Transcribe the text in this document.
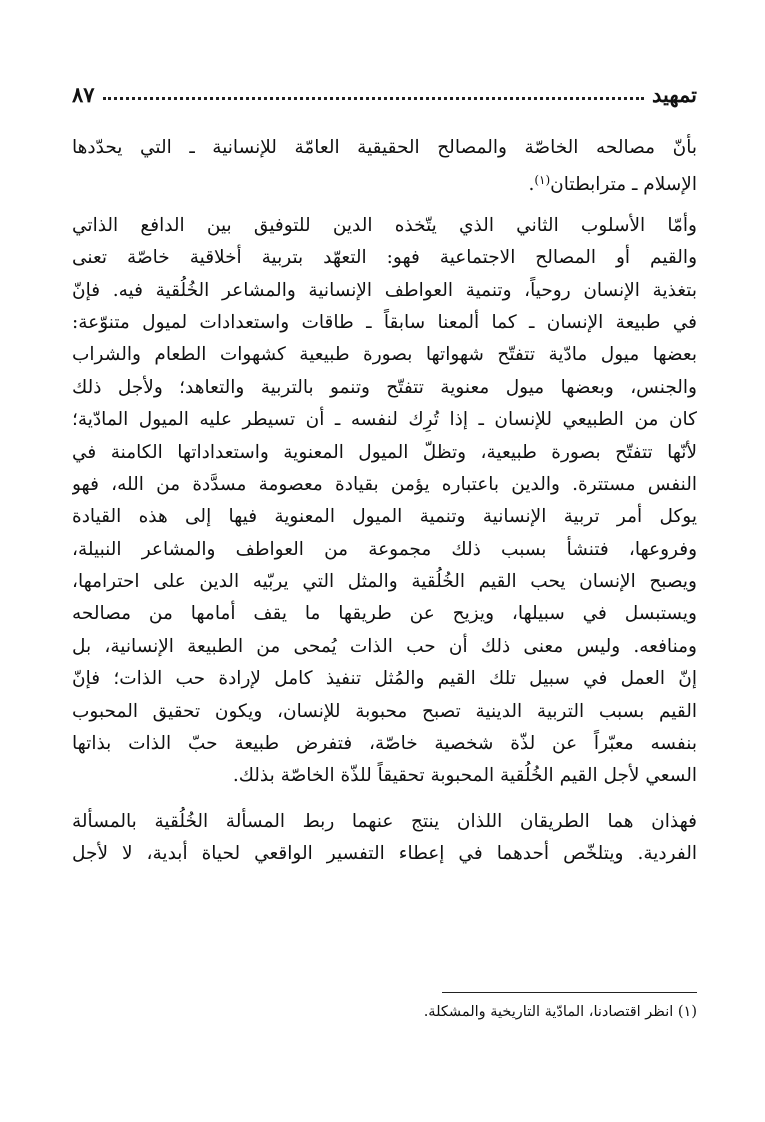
تمهيد
٨٧
بأنّ مصالحه الخاصّة والمصالح الحقيقية العامّة للإنسانية ـ التي يحدّدها
الإسلام ـ مترابطتان$^{(١)}$.
وأمّا الأسلوب الثاني الذي يتّخذه الدين للتوفيق بين الدافع الذاتي
والقيم أو المصالح الاجتماعية فهو: التعهّد بتربية أخلاقية خاصّة تعنى
بتغذية الإنسان روحياً، وتنمية العواطف الإنسانية والمشاعر الخُلُقية فيه. فإنّ
في طبيعة الإنسان ـ كما ألمعنا سابقاً ـ طاقات واستعدادات لميول متنوّعة:
بعضها ميول مادّية تتفتّح شهواتها بصورة طبيعية كشهوات الطعام والشراب
والجنس، وبعضها ميول معنوية تتفتّح وتنمو بالتربية والتعاهد؛ ولأجل ذلك
كان من الطبيعي للإنسان ـ إذا تُرِك لنفسه ـ أن تسيطر عليه الميول المادّية؛
لأنّها تتفتّح بصورة طبيعية، وتظلّ الميول المعنوية واستعداداتها الكامنة في
النفس مستترة. والدين باعتباره يؤمن بقيادة معصومة مسدَّدة من الله، فهو
يوكل أمر تربية الإنسانية وتنمية الميول المعنوية فيها إلى هذه القيادة
وفروعها، فتنشأ بسبب ذلك مجموعة من العواطف والمشاعر النبيلة،
ويصبح الإنسان يحب القيم الخُلُقية والمثل التي يربّيه الدين على احترامها،
ويستبسل في سبيلها، ويزيح عن طريقها ما يقف أمامها من مصالحه
ومنافعه. وليس معنى ذلك أن حب الذات يُمحى من الطبيعة الإنسانية، بل
إنّ العمل في سبيل تلك القيم والمُثل تنفيذ كامل لإرادة حب الذات؛ فإنّ
القيم بسبب التربية الدينية تصبح محبوبة للإنسان، ويكون تحقيق المحبوب
بنفسه معبّراً عن لذّة شخصية خاصّة، فتفرض طبيعة حبّ الذات بذاتها
السعي لأجل القيم الخُلُقية المحبوبة تحقيقاً للذّة الخاصّة بذلك.
فهذان هما الطريقان اللذان ينتج عنهما ربط المسألة الخُلُقية بالمسألة
الفردية. ويتلخّص أحدهما في إعطاء التفسير الواقعي لحياة أبدية، لا لأجل
(١) انظر اقتصادنا، المادّية التاريخية والمشكلة.
